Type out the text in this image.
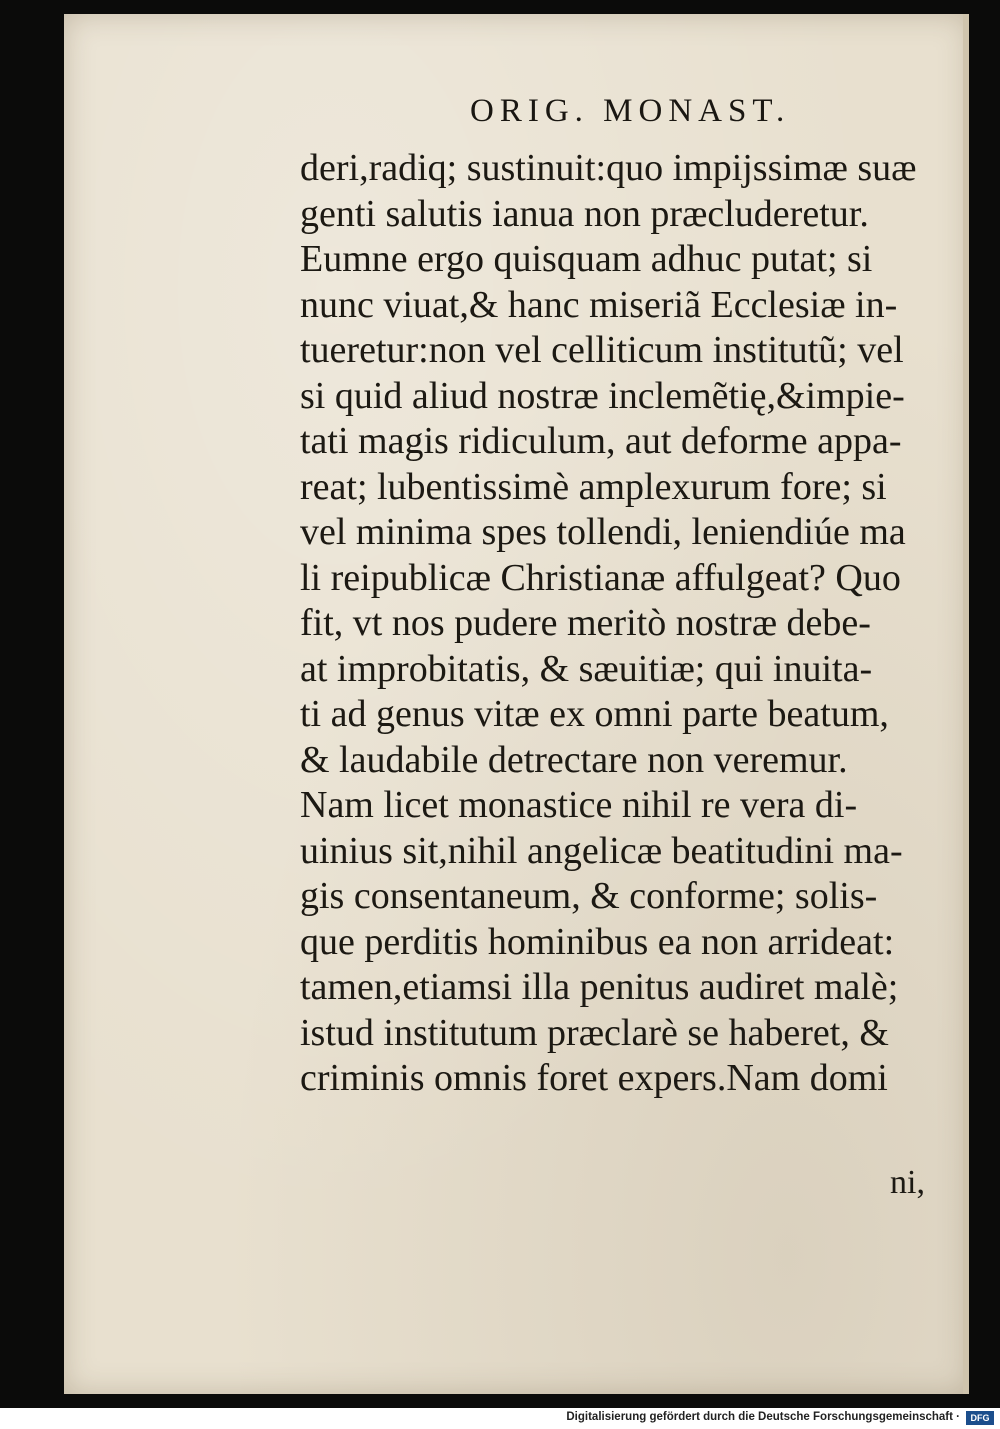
ORIG. MONAST.
deri,radiq; sustinuit:quo impijssimæ suæ
genti salutis ianua non præcluderetur.
Eumne ergo quisquam adhuc putat; si
nunc viuat,& hanc miseriã Ecclesiæ in-
tueretur:non vel celliticum institutũ; vel
si quid aliud nostræ inclemẽtię,&impie-
tati magis ridiculum, aut deforme appa-
reat; lubentissimè amplexurum fore; si
vel minima spes tollendi, leniendiúe ma
li reipublicæ Christianæ affulgeat? Quo
fit, vt nos pudere meritò nostræ debe-
at improbitatis, & sæuitiæ; qui inuita-
ti ad genus vitæ ex omni parte beatum,
& laudabile detrectare non veremur.
Nam licet monastice nihil re vera di-
uinius sit,nihil angelicæ beatitudini ma-
gis consentaneum, & conforme; solis-
que perditis hominibus ea non arrideat:
tamen,etiamsi illa penitus audiret malè;
istud institutum præclarè se haberet, &
criminis omnis foret expers.Nam domi
ni,
Digitalisierung gefördert durch die Deutsche Forschungsgemeinschaft ·	DFG
